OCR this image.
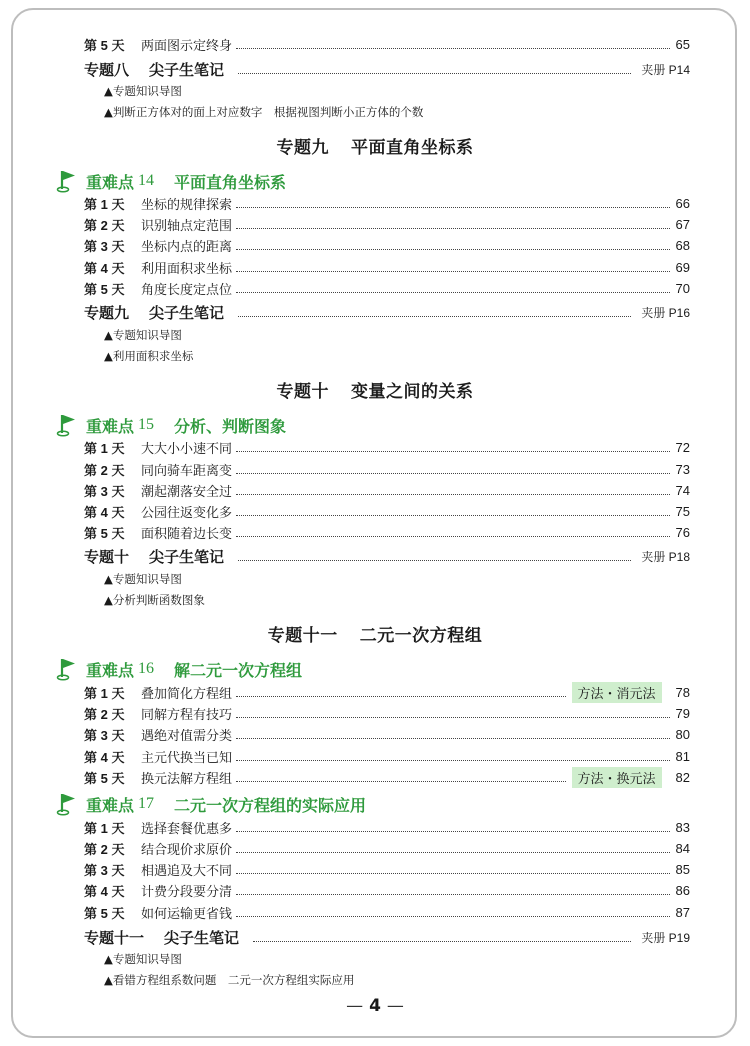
第 5 天	两面图示定终身	65
专题八 尖子生笔记	夹册 P14
▲专题知识导图
▲判断正方体对的面上对应数字　根据视图判断小正方体的个数
专题九 平面直角坐标系
重难点 14 平面直角坐标系
第 1 天	坐标的规律探索	66
第 2 天	识别轴点定范围	67
第 3 天	坐标内点的距离	68
第 4 天	利用面积求坐标	69
第 5 天	角度长度定点位	70
专题九 尖子生笔记	夹册 P16
▲专题知识导图
▲利用面积求坐标
专题十 变量之间的关系
重难点 15 分析、判断图象
第 1 天	大大小小速不同	72
第 2 天	同向骑车距离变	73
第 3 天	潮起潮落安全过	74
第 4 天	公园往返变化多	75
第 5 天	面积随着边长变	76
专题十 尖子生笔记	夹册 P18
▲专题知识导图
▲分析判断函数图象
专题十一 二元一次方程组
重难点 16 解二元一次方程组
第 1 天	叠加简化方程组	方法・消元法	78
第 2 天	同解方程有技巧	79
第 3 天	遇绝对值需分类	80
第 4 天	主元代换当已知	81
第 5 天	换元法解方程组	方法・换元法	82
重难点 17 二元一次方程组的实际应用
第 1 天	选择套餐优惠多	83
第 2 天	结合现价求原价	84
第 3 天	相遇追及大不同	85
第 4 天	计费分段要分清	86
第 5 天	如何运输更省钱	87
专题十一 尖子生笔记	夹册 P19
▲专题知识导图
▲看错方程组系数问题　二元一次方程组实际应用
— 4 —
